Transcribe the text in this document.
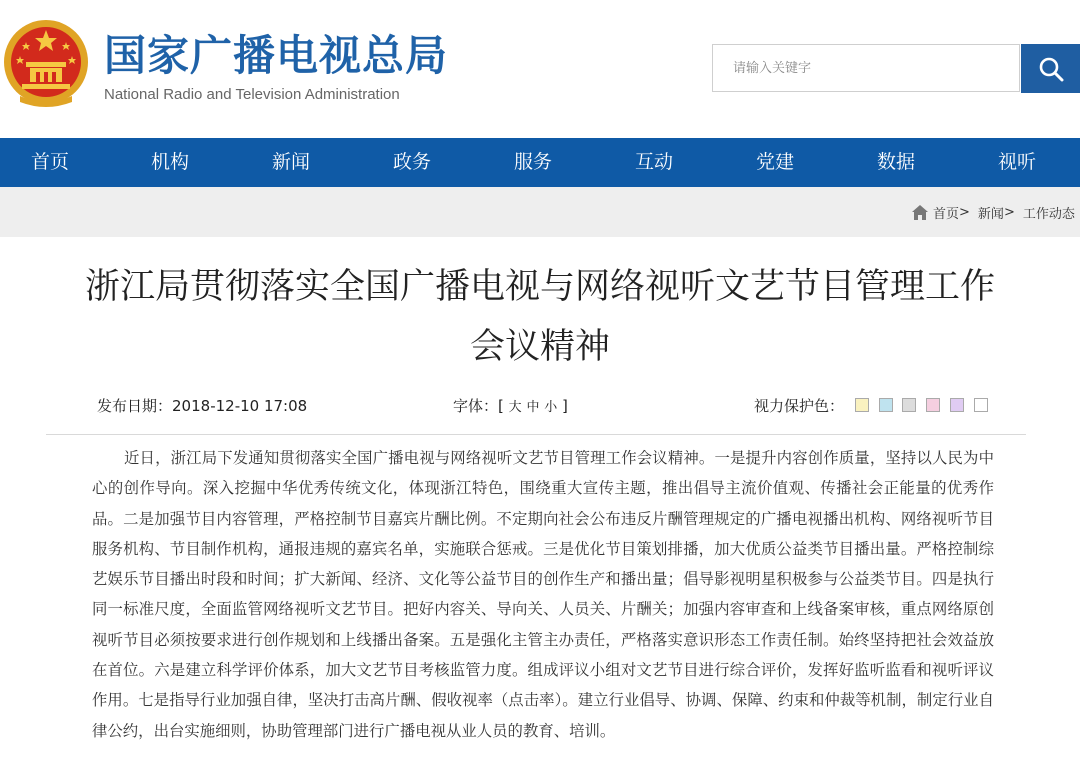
国家广播电视总局
National Radio and Television Administration
请输入关键字
首页	机构	新闻	政务	服务	互动	党建	数据	视听
首页 > 新闻 > 工作动态
浙江局贯彻落实全国广播电视与网络视听文艺节目管理工作
会议精神
发布日期：2018-12-10 17:08	字体：[ 大 中 小 ]	视力保护色：

近日，浙江局下发通知贯彻落实全国广播电视与网络视听文艺节目管理工作会议精神。一是提升内容创作质量，坚持以人民为中心的创作导向。深入挖掘中华优秀传统文化，体现浙江特色，围绕重大宣传主题，推出倡导主流价值观、传播社会正能量的优秀作品。二是加强节目内容管理，严格控制节目嘉宾片酬比例。不定期向社会公布违反片酬管理规定的广播电视播出机构、网络视听节目服务机构、节目制作机构，通报违规的嘉宾名单，实施联合惩戒。三是优化节目策划排播，加大优质公益类节目播出量。严格控制综艺娱乐节目播出时段和时间；扩大新闻、经济、文化等公益节目的创作生产和播出量；倡导影视明星积极参与公益类节目。四是执行同一标准尺度，全面监管网络视听文艺节目。把好内容关、导向关、人员关、片酬关；加强内容审查和上线备案审核，重点网络原创视听节目必须按要求进行创作规划和上线播出备案。五是强化主管主办责任，严格落实意识形态工作责任制。始终坚持把社会效益放在首位。六是建立科学评价体系，加大文艺节目考核监管力度。组成评议小组对文艺节目进行综合评价，发挥好监听监看和视听评议作用。七是指导行业加强自律，坚决打击高片酬、假收视率（点击率）。建立行业倡导、协调、保障、约束和仲裁等机制，制定行业自律公约，出台实施细则，协助管理部门进行广播电视从业人员的教育、培训。
